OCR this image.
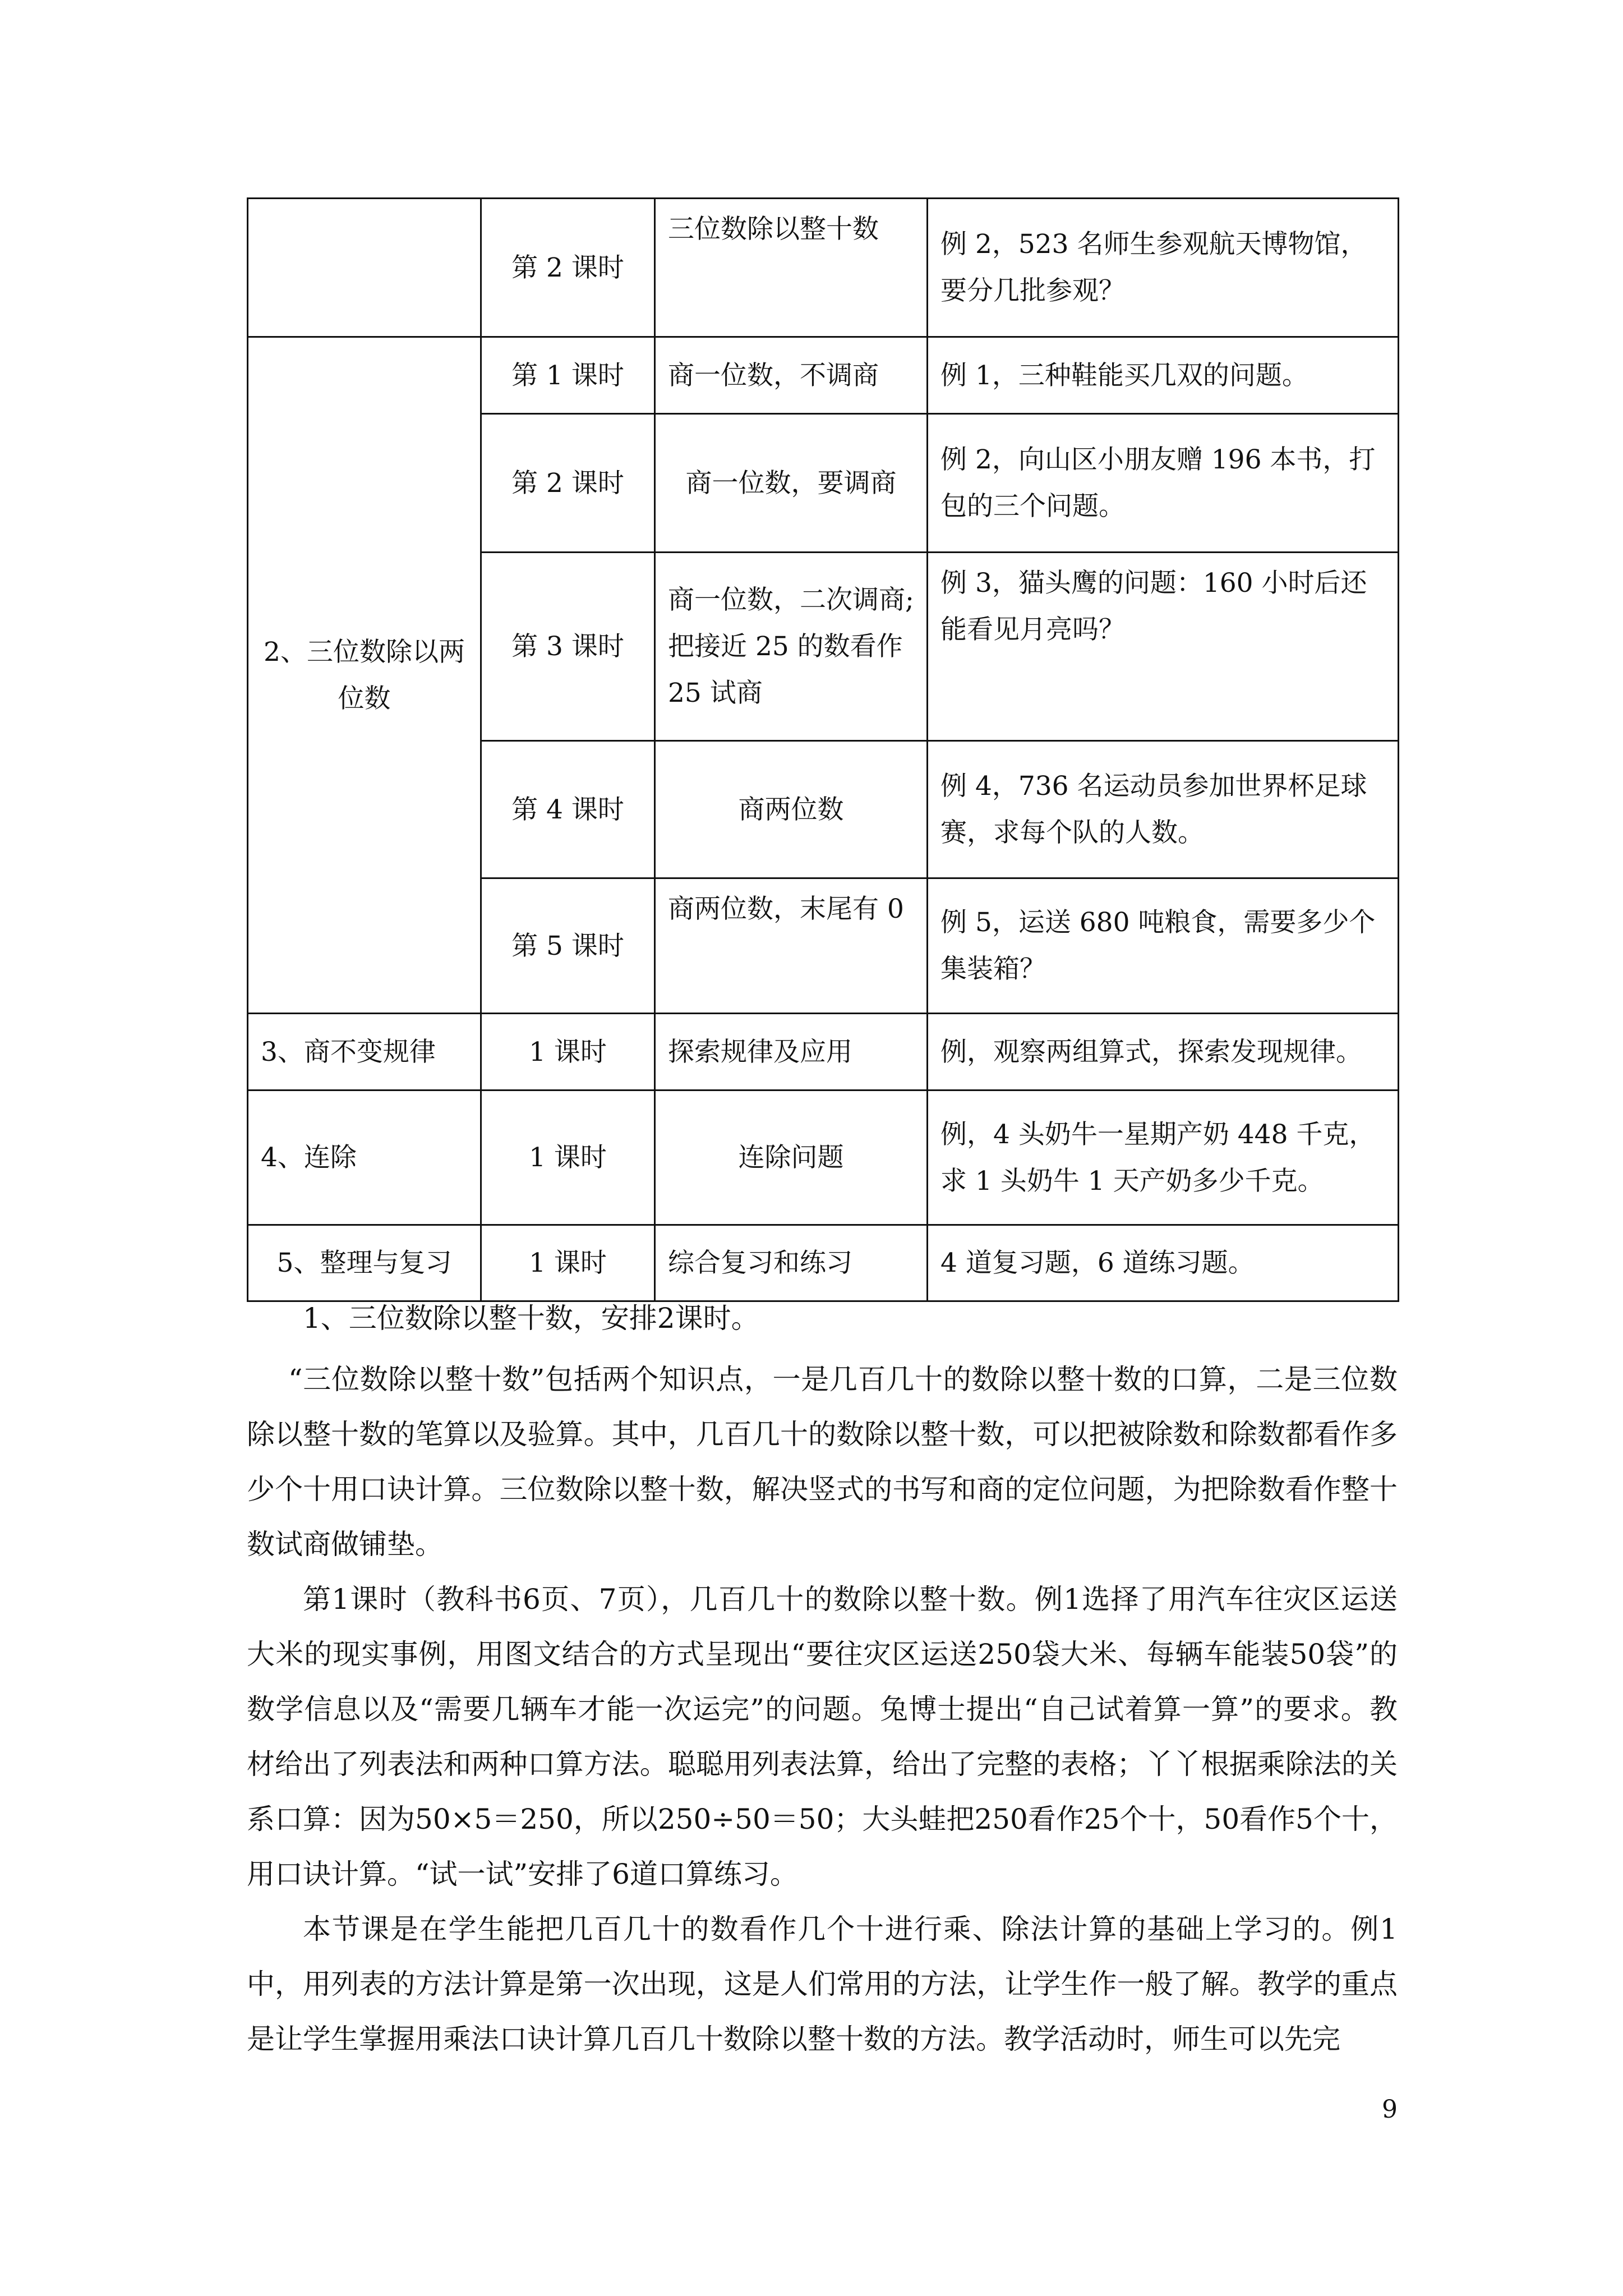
	第 2 课时	三位数除以整十数	例 2，523 名师生参观航天博物馆，要分几批参观？

2、三位数除以两位数	第 1 课时	商一位数，不调商	例 1，三种鞋能买几双的问题。

	第 2 课时	商一位数，要调商	例 2，向山区小朋友赠 196 本书，打包的三个问题。

	第 3 课时	商一位数，二次调商;把接近 25 的数看作 25 试商	例 3，猫头鹰的问题：160 小时后还能看见月亮吗？

	第 4 课时	商两位数	例 4，736 名运动员参加世界杯足球赛，求每个队的人数。

	第 5 课时	商两位数，末尾有 0	例 5，运送 680 吨粮食，需要多少个集装箱？

3、商不变规律	1 课时	探索规律及应用	例，观察两组算式，探索发现规律。

4、连除	1 课时	连除问题	例，4 头奶牛一星期产奶 448 千克，求 1 头奶牛 1 天产奶多少千克。

5、整理与复习	1 课时	综合复习和练习	4 道复习题，6 道练习题。

1、三位数除以整十数，安排2课时。

“三位数除以整十数”包括两个知识点，一是几百几十的数除以整十数的口算，二是三位数除以整十数的笔算以及验算。其中，几百几十的数除以整十数，可以把被除数和除数都看作多少个十用口诀计算。三位数除以整十数，解决竖式的书写和商的定位问题，为把除数看作整十数试商做铺垫。

第1课时（教科书6页、7页），几百几十的数除以整十数。例1选择了用汽车往灾区运送大米的现实事例，用图文结合的方式呈现出“要往灾区运送250袋大米、每辆车能装50袋”的数学信息以及“需要几辆车才能一次运完”的问题。兔博士提出“自己试着算一算”的要求。教材给出了列表法和两种口算方法。聪聪用列表法算，给出了完整的表格；丫丫根据乘除法的关系口算：因为50×5＝250，所以250÷50＝50；大头蛙把250看作25个十，50看作5个十，用口诀计算。“试一试”安排了6道口算练习。

本节课是在学生能把几百几十的数看作几个十进行乘、除法计算的基础上学习的。例1中，用列表的方法计算是第一次出现，这是人们常用的方法，让学生作一般了解。教学的重点是让学生掌握用乘法口诀计算几百几十数除以整十数的方法。教学活动时，师生可以先完

9
